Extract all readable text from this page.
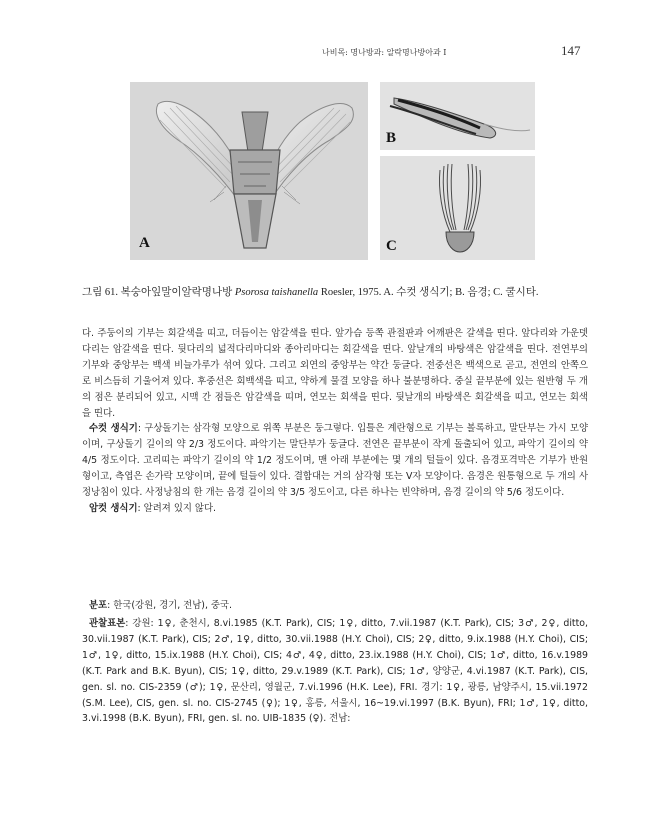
나비목: 명나방과: 알락명나방아과 I	147
A
B
C
그림 61. 복숭아잎말이알락명나방 Psorosa taishanella Roesler, 1975. A. 수컷 생식기; B. 음경; C. 쿨시타.

다. 주둥이의 기부는 회갈색을 띠고, 더듬이는 암갈색을 띤다. 앞가슴 등쪽 관절판과 어깨판은 갈색을 띤다. 앞다리와 가운뎃다리는 암갈색을 띤다. 뒷다리의 넓적다리마디와 종아리마디는 회갈색을 띤다. 앞날개의 바탕색은 암갈색을 띤다. 전연부의 기부와 중앙부는 백색 비늘가루가 섞여 있다. 그리고 외연의 중앙부는 약간 둥글다. 전중선은 백색으로 곧고, 전연의 안쪽으로 비스듬히 기울어져 있다. 후중선은 회백색을 띠고, 약하게 물결 모양을 하나 불분명하다. 중실 끝부분에 있는 원반형 두 개의 점은 분리되어 있고, 시맥 간 점들은 암갈색을 띠며, 연모는 회색을 띤다. 뒷날개의 바탕색은 회갈색을 띠고, 연모는 회색을 띤다.

수컷 생식기: 구상돌기는 삼각형 모양으로 위쪽 부분은 둥그렇다. 입틀은 계란형으로 기부는 볼록하고, 말단부는 가시 모양이며, 구상돌기 길이의 약 2/3 정도이다. 파악기는 말단부가 둥글다. 전연은 끝부분이 작게 돌출되어 있고, 파악기 길이의 약 4/5 정도이다. 고리띠는 파악기 길이의 약 1/2 정도이며, 맨 아래 부분에는 몇 개의 털들이 있다. 음경포격막은 기부가 반원형이고, 측엽은 손가락 모양이며, 끝에 털들이 있다. 결합대는 거의 삼각형 또는 V자 모양이다. 음경은 원통형으로 두 개의 사정낭침이 있다. 사정낭침의 한 개는 음경 길이의 약 3/5 정도이고, 다른 하나는 빈약하며, 음경 길이의 약 5/6 정도이다.

암컷 생식기: 알려져 있지 않다.

분포: 한국(강원, 경기, 전남), 중국.

관찰표본: 강원: 1♀, 춘천시, 8.vi.1985 (K.T. Park), CIS; 1♀, ditto, 7.vii.1987 (K.T. Park), CIS; 3♂, 2♀, ditto, 30.vii.1987 (K.T. Park), CIS; 2♂, 1♀, ditto, 30.vii.1988 (H.Y. Choi), CIS; 2♀, ditto, 9.ix.1988 (H.Y. Choi), CIS; 1♂, 1♀, ditto, 15.ix.1988 (H.Y. Choi), CIS; 4♂, 4♀, ditto, 23.ix.1988 (H.Y. Choi), CIS; 1♂, ditto, 16.v.1989 (K.T. Park and B.K. Byun), CIS; 1♀, ditto, 29.v.1989 (K.T. Park), CIS; 1♂, 양양군, 4.vi.1987 (K.T. Park), CIS, gen. sl. no. CIS-2359 (♂); 1♀, 문산리, 영월군, 7.vi.1996 (H.K. Lee), FRI. 경기: 1♀, 광릉, 남양주시, 15.vii.1972 (S.M. Lee), CIS, gen. sl. no. CIS-2745 (♀); 1♀, 홍릉, 서울시, 16~19.vi.1997 (B.K. Byun), FRI; 1♂, 1♀, ditto, 3.vi.1998 (B.K. Byun), FRI, gen. sl. no. UIB-1835 (♀). 전남:
